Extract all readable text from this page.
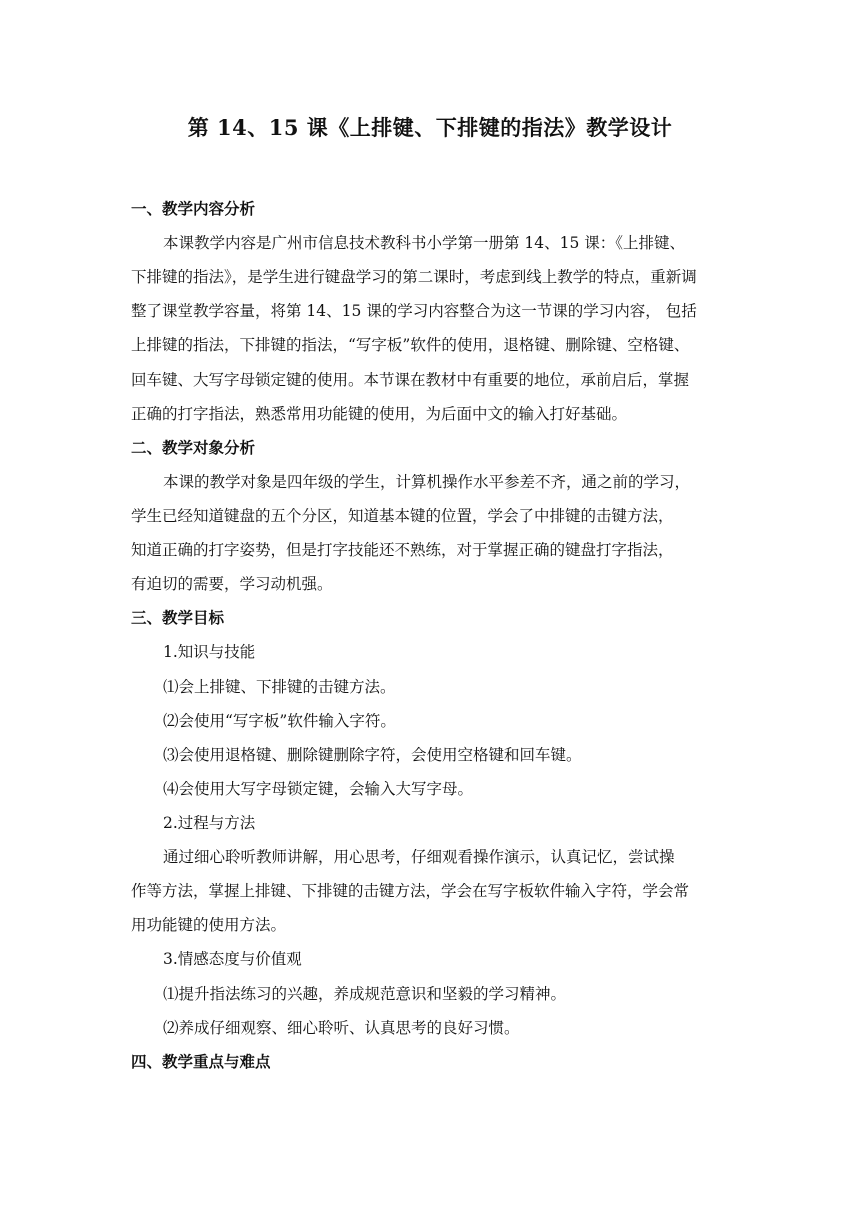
第 14、15 课《上排键、下排键的指法》教学设计
一、教学内容分析
本课教学内容是广州市信息技术教科书小学第一册第 14、15 课：《上排键、
下排键的指法》，是学生进行键盘学习的第二课时，考虑到线上教学的特点，重新调
整了课堂教学容量，将第 14、15 课的学习内容整合为这一节课的学习内容， 包括
上排键的指法，下排键的指法，“写字板”软件的使用，退格键、删除键、空格键、
回车键、大写字母锁定键的使用。本节课在教材中有重要的地位，承前启后，掌握
正确的打字指法，熟悉常用功能键的使用，为后面中文的输入打好基础。
二、教学对象分析
本课的教学对象是四年级的学生，计算机操作水平参差不齐，通之前的学习，
学生已经知道键盘的五个分区，知道基本键的位置，学会了中排键的击键方法，
知道正确的打字姿势，但是打字技能还不熟练，对于掌握正确的键盘打字指法，
有迫切的需要，学习动机强。
三、教学目标
1.知识与技能
⑴会上排键、下排键的击键方法。
⑵会使用“写字板”软件输入字符。
⑶会使用退格键、删除键删除字符，会使用空格键和回车键。
⑷会使用大写字母锁定键，会输入大写字母。
2.过程与方法
通过细心聆听教师讲解，用心思考，仔细观看操作演示，认真记忆，尝试操
作等方法，掌握上排键、下排键的击键方法，学会在写字板软件输入字符，学会常
用功能键的使用方法。
3.情感态度与价值观
⑴提升指法练习的兴趣，养成规范意识和坚毅的学习精神。
⑵养成仔细观察、细心聆听、认真思考的良好习惯。
四、教学重点与难点
